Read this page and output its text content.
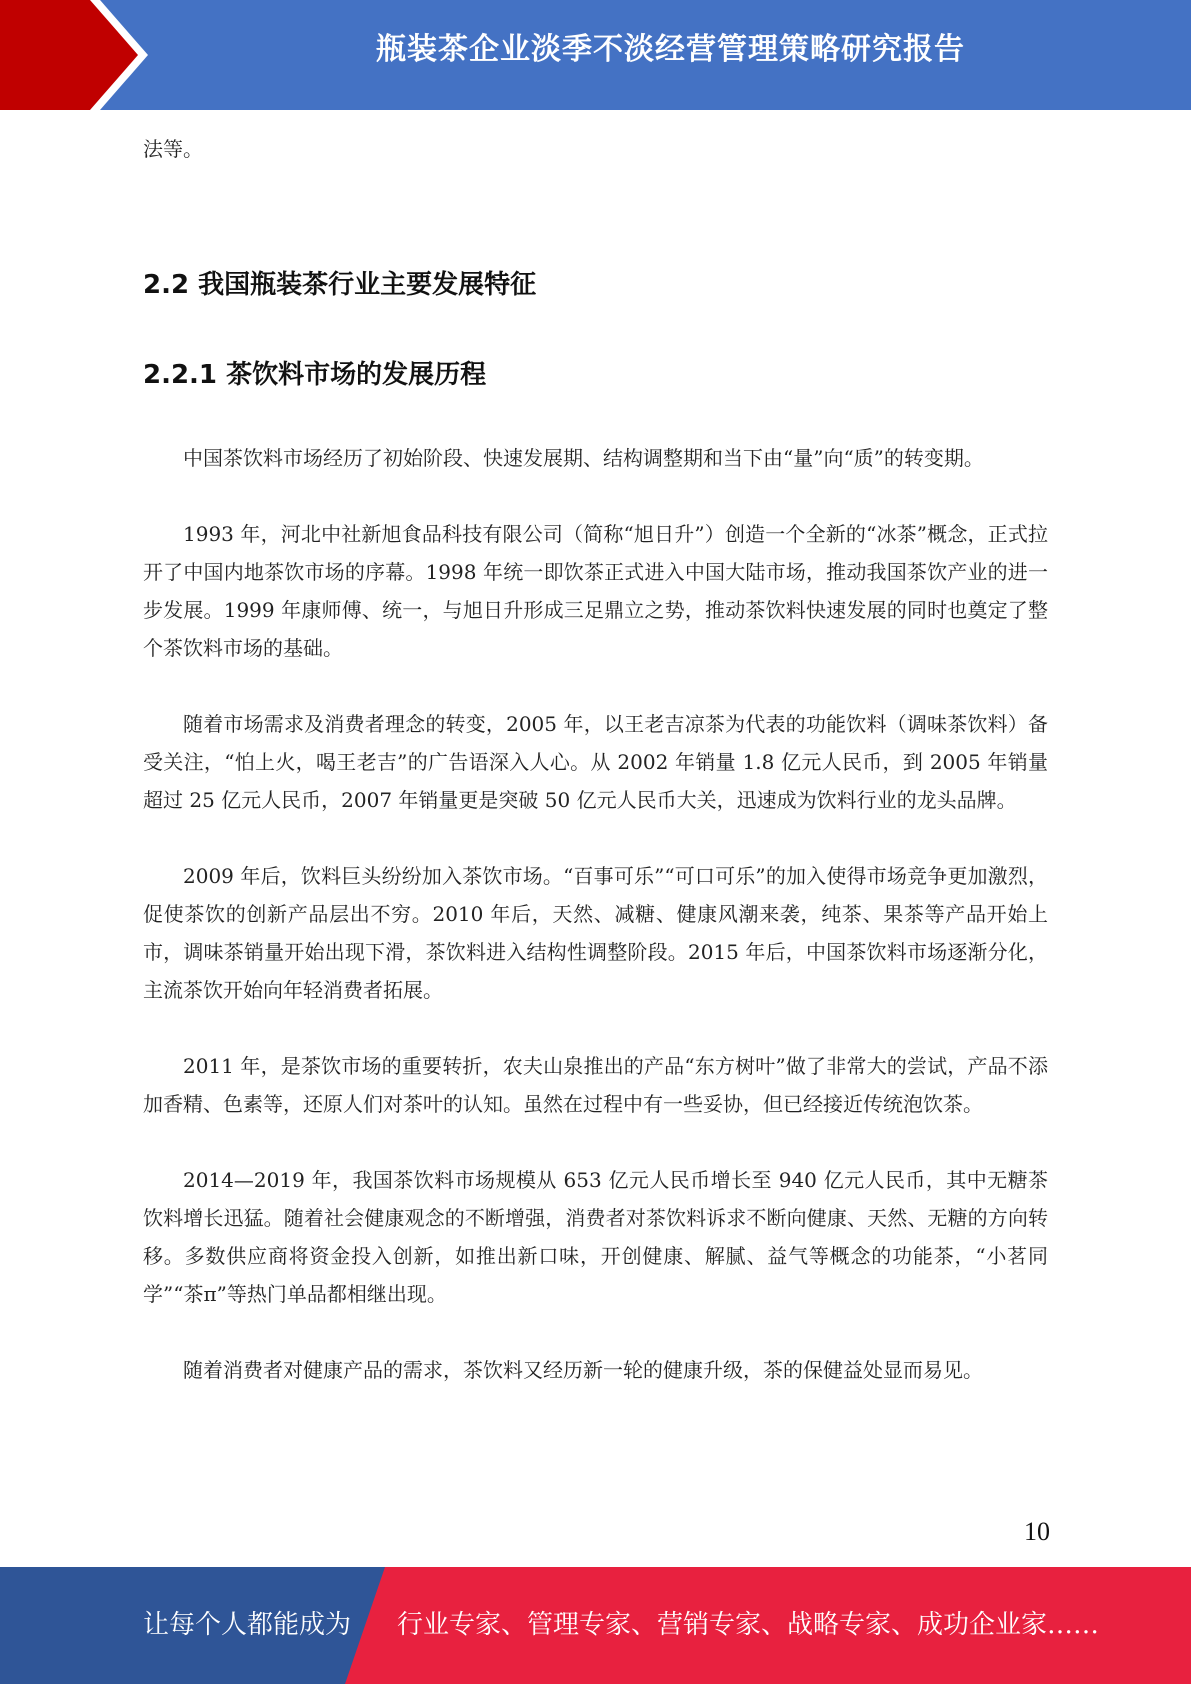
瓶装茶企业淡季不淡经营管理策略研究报告

法等。

2.2 我国瓶装茶行业主要发展特征
2.2.1 茶饮料市场的发展历程

中国茶饮料市场经历了初始阶段、快速发展期、结构调整期和当下由“量”向“质”的转变期。

1993 年，河北中社新旭食品科技有限公司（简称“旭日升”）创造一个全新的“冰茶”概念，正式拉开了中国内地茶饮市场的序幕。1998 年统一即饮茶正式进入中国大陆市场，推动我国茶饮产业的进一步发展。1999 年康师傅、统一，与旭日升形成三足鼎立之势，推动茶饮料快速发展的同时也奠定了整个茶饮料市场的基础。

随着市场需求及消费者理念的转变，2005 年，以王老吉凉茶为代表的功能饮料（调味茶饮料）备受关注，“怕上火，喝王老吉”的广告语深入人心。从 2002 年销量 1.8 亿元人民币，到 2005 年销量超过 25 亿元人民币，2007 年销量更是突破 50 亿元人民币大关，迅速成为饮料行业的龙头品牌。

2009 年后，饮料巨头纷纷加入茶饮市场。“百事可乐”“可口可乐”的加入使得市场竞争更加激烈，促使茶饮的创新产品层出不穷。2010 年后，天然、减糖、健康风潮来袭，纯茶、果茶等产品开始上市，调味茶销量开始出现下滑，茶饮料进入结构性调整阶段。2015 年后，中国茶饮料市场逐渐分化，主流茶饮开始向年轻消费者拓展。

2011 年，是茶饮市场的重要转折，农夫山泉推出的产品“东方树叶”做了非常大的尝试，产品不添加香精、色素等，还原人们对茶叶的认知。虽然在过程中有一些妥协，但已经接近传统泡饮茶。

2014—2019 年，我国茶饮料市场规模从 653 亿元人民币增长至 940 亿元人民币，其中无糖茶饮料增长迅猛。随着社会健康观念的不断增强，消费者对茶饮料诉求不断向健康、天然、无糖的方向转移。多数供应商将资金投入创新，如推出新口味，开创健康、解腻、益气等概念的功能茶，“小茗同学”“茶π”等热门单品都相继出现。

随着消费者对健康产品的需求，茶饮料又经历新一轮的健康升级，茶的保健益处显而易见。

10
让每个人都能成为 行业专家、管理专家、营销专家、战略专家、成功企业家……
